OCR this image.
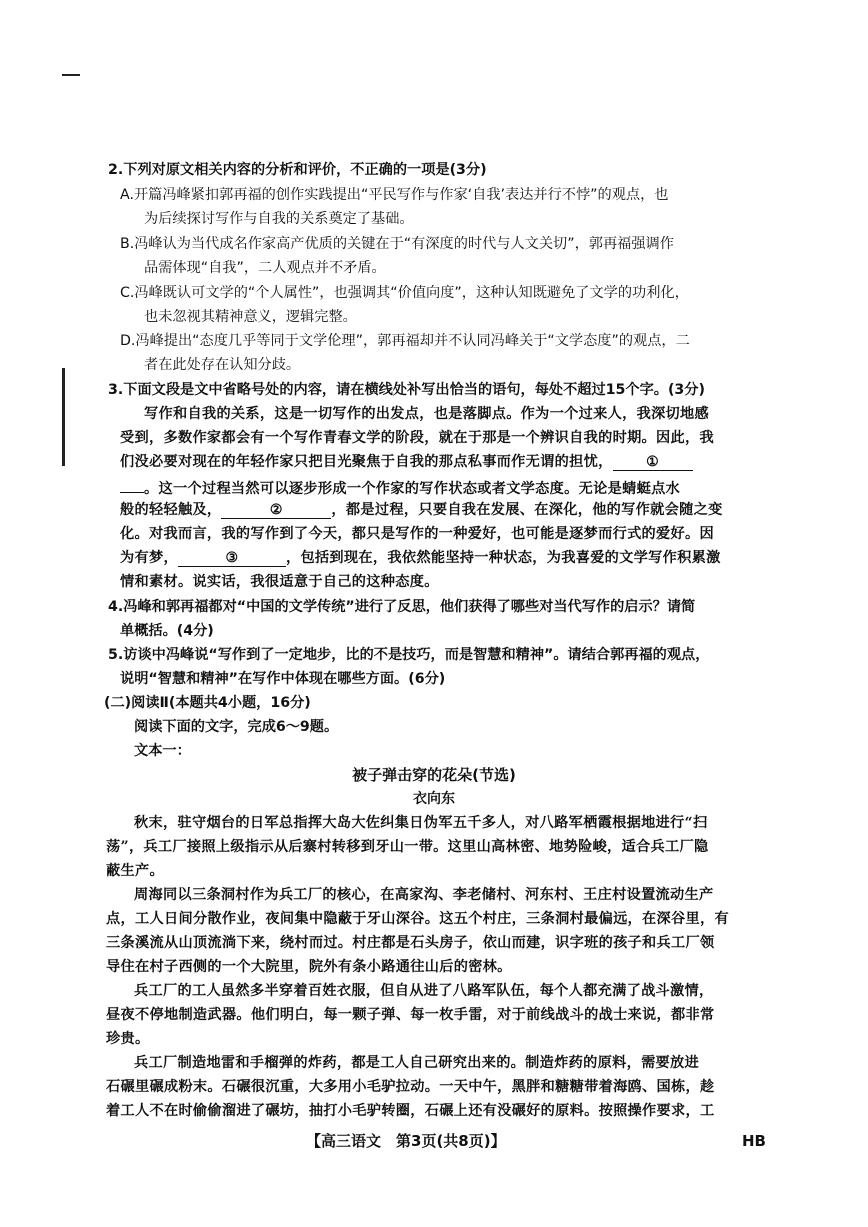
2.下列对原文相关内容的分析和评价，不正确的一项是(3分)
A.开篇冯峰紧扣郭再福的创作实践提出“平民写作与作家‘自我’表达并行不悖”的观点，也
为后续探讨写作与自我的关系奠定了基础。
B.冯峰认为当代成名作家高产优质的关键在于“有深度的时代与人文关切”，郭再福强调作
品需体现“自我”，二人观点并不矛盾。
C.冯峰既认可文学的“个人属性”，也强调其“价值向度”，这种认知既避免了文学的功利化，
也未忽视其精神意义，逻辑完整。
D.冯峰提出“态度几乎等同于文学伦理”，郭再福却并不认同冯峰关于“文学态度”的观点，二
者在此处存在认知分歧。
3.下面文段是文中省略号处的内容，请在横线处补写出恰当的语句，每处不超过15个字。(3分)
写作和自我的关系，这是一切写作的出发点，也是落脚点。作为一个过来人，我深切地感
受到，多数作家都会有一个写作青春文学的阶段，就在于那是一个辨识自我的时期。因此，我
们没必要对现在的年轻作家只把目光聚焦于自我的那点私事而作无谓的担忧， ①
。这一个过程当然可以逐步形成一个作家的写作状态或者文学态度。无论是蜻蜓点水
般的轻轻触及，	②	，都是过程，只要自我在发展、在深化，他的写作就会随之变
化。对我而言，我的写作到了今天，都只是写作的一种爱好，也可能是逐梦而行式的爱好。因
为有梦，	③	，包括到现在，我依然能坚持一种状态，为我喜爱的文学写作积累激
情和素材。说实话，我很适意于自己的这种态度。
4.冯峰和郭再福都对“中国的文学传统”进行了反思，他们获得了哪些对当代写作的启示？请简
单概括。(4分)
5.访谈中冯峰说“写作到了一定地步，比的不是技巧，而是智慧和精神”。请结合郭再福的观点，
说明“智慧和精神”在写作中体现在哪些方面。(6分)
(二)阅读Ⅱ(本题共4小题，16分)
阅读下面的文字，完成6～9题。
文本一：
被子弹击穿的花朵(节选)
衣向东
秋末，驻守烟台的日军总指挥大岛大佐纠集日伪军五千多人，对八路军栖霞根据地进行“扫
荡”，兵工厂接照上级指示从后寨村转移到牙山一带。这里山高林密、地势险峻，适合兵工厂隐
蔽生产。
周海同以三条洞村作为兵工厂的核心，在高家沟、李老储村、河东村、王庄村设置流动生产
点，工人日间分散作业，夜间集中隐蔽于牙山深谷。这五个村庄，三条洞村最偏远，在深谷里，有
三条溪流从山顶流淌下来，绕村而过。村庄都是石头房子，依山而建，识字班的孩子和兵工厂领
导住在村子西侧的一个大院里，院外有条小路通往山后的密林。
兵工厂的工人虽然多半穿着百姓衣服，但自从进了八路军队伍，每个人都充满了战斗激情，
昼夜不停地制造武器。他们明白，每一颗子弹、每一枚手雷，对于前线战斗的战士来说，都非常
珍贵。
兵工厂制造地雷和手榴弹的炸药，都是工人自己研究出来的。制造炸药的原料，需要放进
石碾里碾成粉末。石碾很沉重，大多用小毛驴拉动。一天中午，黑胖和糖糖带着海鸥、国栋，趁
着工人不在时偷偷溜进了碾坊，抽打小毛驴转圈，石碾上还有没碾好的原料。按照操作要求，工
【高三语文　第3页(共8页)】	HB
